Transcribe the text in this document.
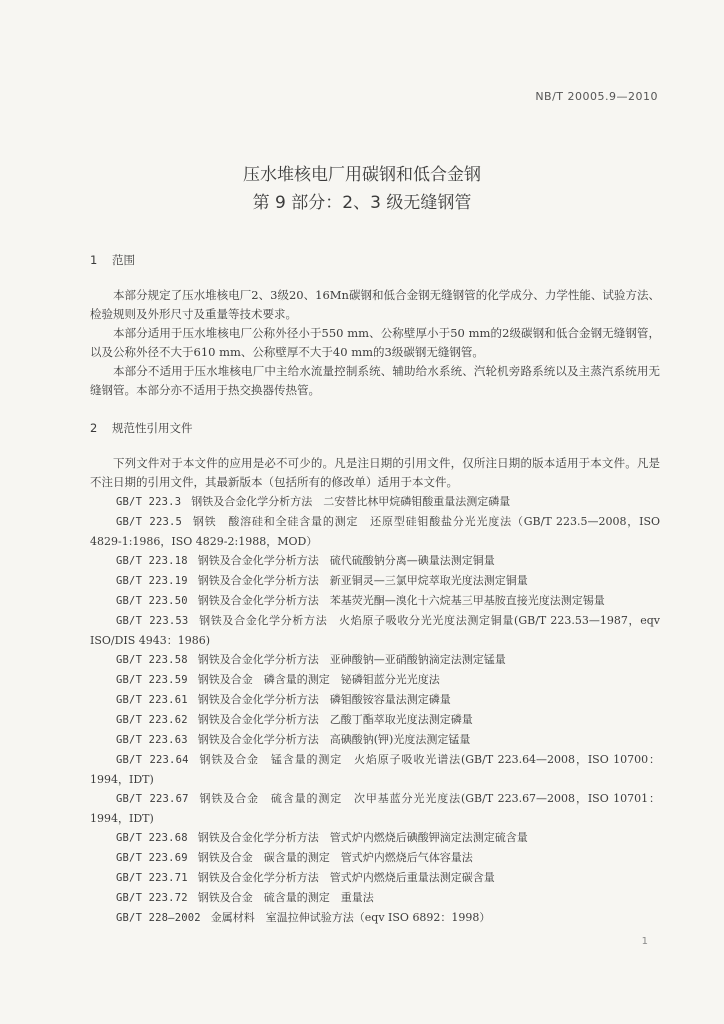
NB/T 20005.9—2010
压水堆核电厂用碳钢和低合金钢
第 9 部分：2、3 级无缝钢管
1 范围

本部分规定了压水堆核电厂2、3级20、16Mn碳钢和低合金钢无缝钢管的化学成分、力学性能、试验方法、检验规则及外形尺寸及重量等技术要求。

本部分适用于压水堆核电厂公称外径小于550 mm、公称壁厚小于50 mm的2级碳钢和低合金钢无缝钢管，以及公称外径不大于610 mm、公称壁厚不大于40 mm的3级碳钢无缝钢管。

本部分不适用于压水堆核电厂中主给水流量控制系统、辅助给水系统、汽轮机旁路系统以及主蒸汽系统用无缝钢管。本部分亦不适用于热交换器传热管。

2 规范性引用文件

下列文件对于本文件的应用是必不可少的。凡是注日期的引用文件，仅所注日期的版本适用于本文件。凡是不注日期的引用文件，其最新版本（包括所有的修改单）适用于本文件。

GB/T 223.3 钢铁及合金化学分析方法　二安替比林甲烷磷钼酸重量法测定磷量

GB/T 223.5 钢铁　酸溶硅和全硅含量的测定　还原型硅钼酸盐分光光度法（GB/T 223.5—2008，ISO 4829-1:1986，ISO 4829-2:1988，MOD）

GB/T 223.18 钢铁及合金化学分析方法　硫代硫酸钠分离—碘量法测定铜量

GB/T 223.19 钢铁及合金化学分析方法　新亚铜灵—三氯甲烷萃取光度法测定铜量

GB/T 223.50 钢铁及合金化学分析方法　苯基荧光酮—溴化十六烷基三甲基胺直接光度法测定锡量

GB/T 223.53 钢铁及合金化学分析方法　火焰原子吸收分光光度法测定铜量(GB/T 223.53—1987，eqv ISO/DIS 4943：1986)

GB/T 223.58 钢铁及合金化学分析方法　亚砷酸钠—亚硝酸钠滴定法测定锰量

GB/T 223.59 钢铁及合金　磷含量的测定　铋磷钼蓝分光光度法

GB/T 223.61 钢铁及合金化学分析方法　磷钼酸铵容量法测定磷量

GB/T 223.62 钢铁及合金化学分析方法　乙酸丁酯萃取光度法测定磷量

GB/T 223.63 钢铁及合金化学分析方法　高碘酸钠(钾)光度法测定锰量

GB/T 223.64 钢铁及合金　锰含量的测定　火焰原子吸收光谱法(GB/T 223.64—2008，ISO 10700：1994，IDT)

GB/T 223.67 钢铁及合金　硫含量的测定　次甲基蓝分光光度法(GB/T 223.67—2008，ISO 10701：1994，IDT)

GB/T 223.68 钢铁及合金化学分析方法　管式炉内燃烧后碘酸钾滴定法测定硫含量

GB/T 223.69 钢铁及合金　碳含量的测定　管式炉内燃烧后气体容量法

GB/T 223.71 钢铁及合金化学分析方法　管式炉内燃烧后重量法测定碳含量

GB/T 223.72 钢铁及合金　硫含量的测定　重量法

GB/T 228—2002 金属材料　室温拉伸试验方法（eqv ISO 6892：1998）

1
